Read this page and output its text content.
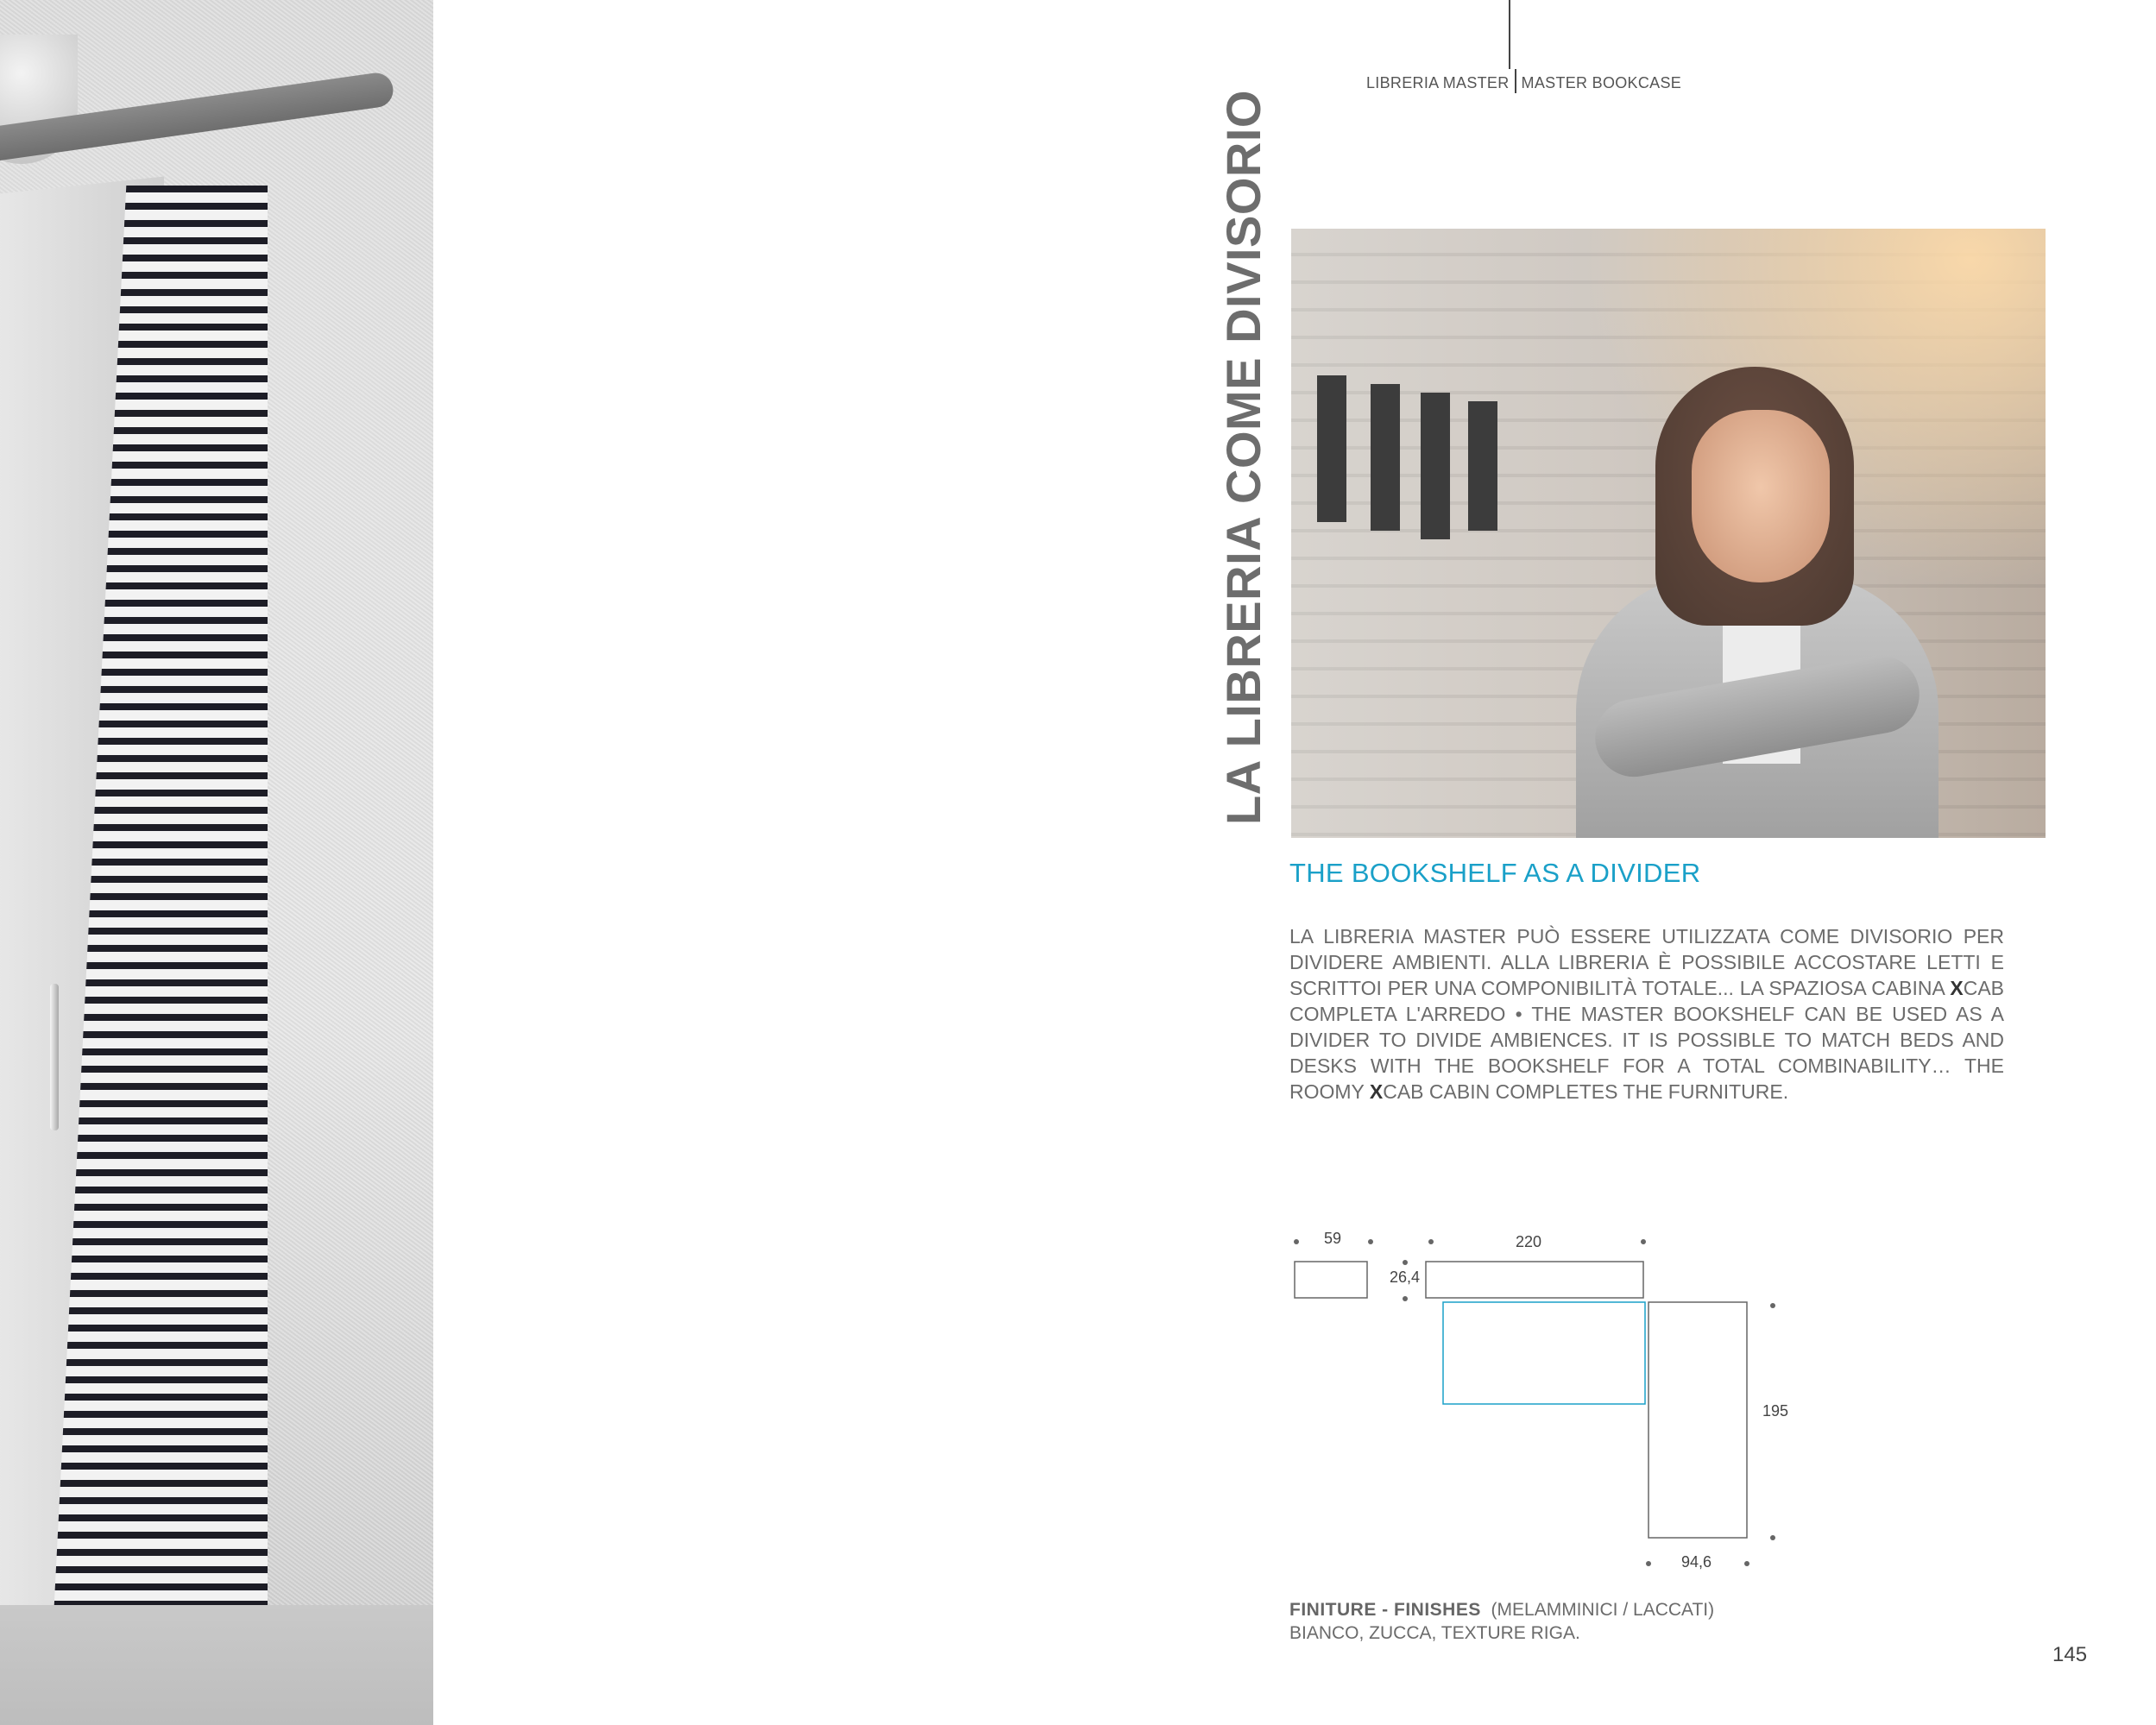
LIBRERIA MASTER MASTER BOOKCASE
LA LIBRERIA COME DIVISORIO
THE BOOKSHELF AS A DIVIDER
LA LIBRERIA MASTER PUÒ ESSERE UTILIZZATA COME DIVISORIO PER DIVIDERE AMBIENTI. ALLA LIBRERIA È POSSIBILE ACCOSTARE LETTI E SCRITTOI PER UNA COMPONIBILITÀ TOTALE... LA SPAZIOSA CABINA XCAB COMPLETA L'ARREDO • THE MASTER BOOKSHELF CAN BE USED AS A DIVIDER TO DIVIDE AMBIENCES. IT IS POSSIBLE TO MATCH BEDS AND DESKS WITH THE BOOKSHELF FOR A TOTAL COMBINABILITY… THE ROOMY XCAB CABIN COMPLETES THE FURNITURE.
59	220
26,4
195
94,6
FINITURE - FINISHES (MELAMMINICI / LACCATI)
BIANCO, ZUCCA, TEXTURE RIGA.
145
